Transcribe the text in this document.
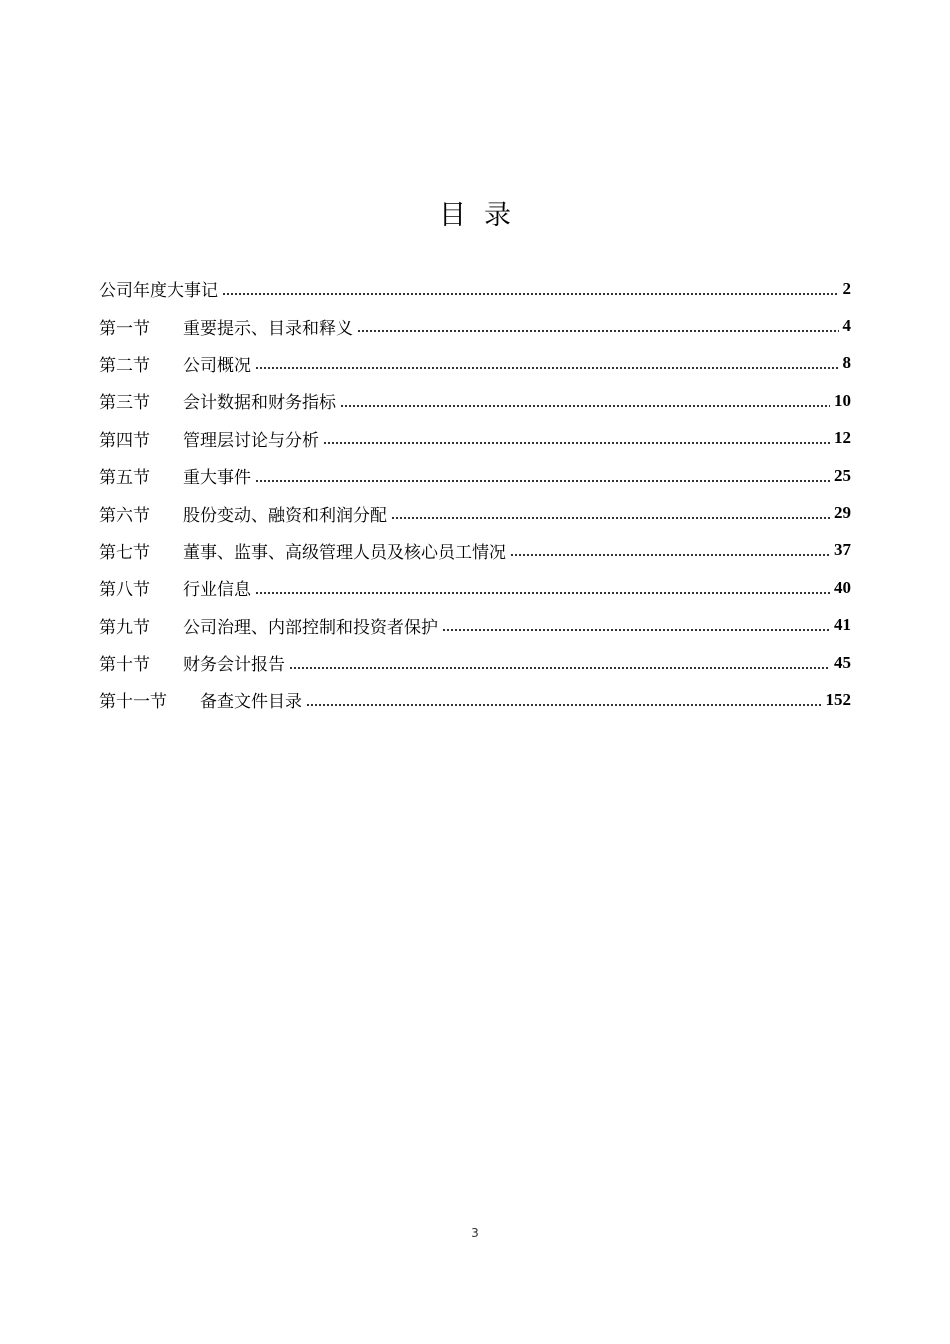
目录
公司年度大事记	2
第一节	重要提示、目录和释义	4
第二节	公司概况	8
第三节	会计数据和财务指标	10
第四节	管理层讨论与分析	12
第五节	重大事件	25
第六节	股份变动、融资和利润分配	29
第七节	董事、监事、高级管理人员及核心员工情况	37
第八节	行业信息	40
第九节	公司治理、内部控制和投资者保护	41
第十节	财务会计报告	45
第十一节	备查文件目录	152
3
